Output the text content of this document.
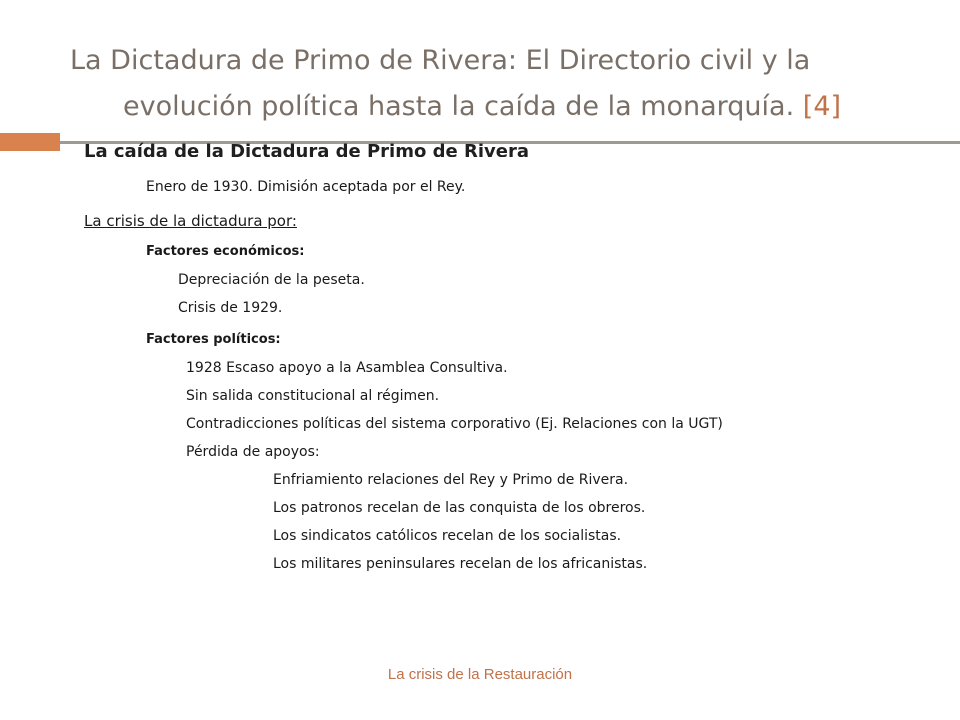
La Dictadura de Primo de Rivera: El Directorio civil y la
evolución política hasta la caída de la monarquía. [4]

La caída de la Dictadura de Primo de Rivera

Enero de 1930. Dimisión aceptada por el Rey.

La crisis de la dictadura por:

Factores económicos:

Depreciación de la peseta.

Crisis de 1929.

Factores políticos:

1928 Escaso apoyo a la Asamblea Consultiva.

Sin salida constitucional al régimen.

Contradicciones políticas del sistema corporativo (Ej. Relaciones con la UGT)

Pérdida de apoyos:

Enfriamiento relaciones del Rey y Primo de Rivera.

Los patronos recelan de las conquista de los obreros.

Los sindicatos católicos recelan de los socialistas.

Los militares peninsulares recelan de los africanistas.

La crisis de la Restauración
